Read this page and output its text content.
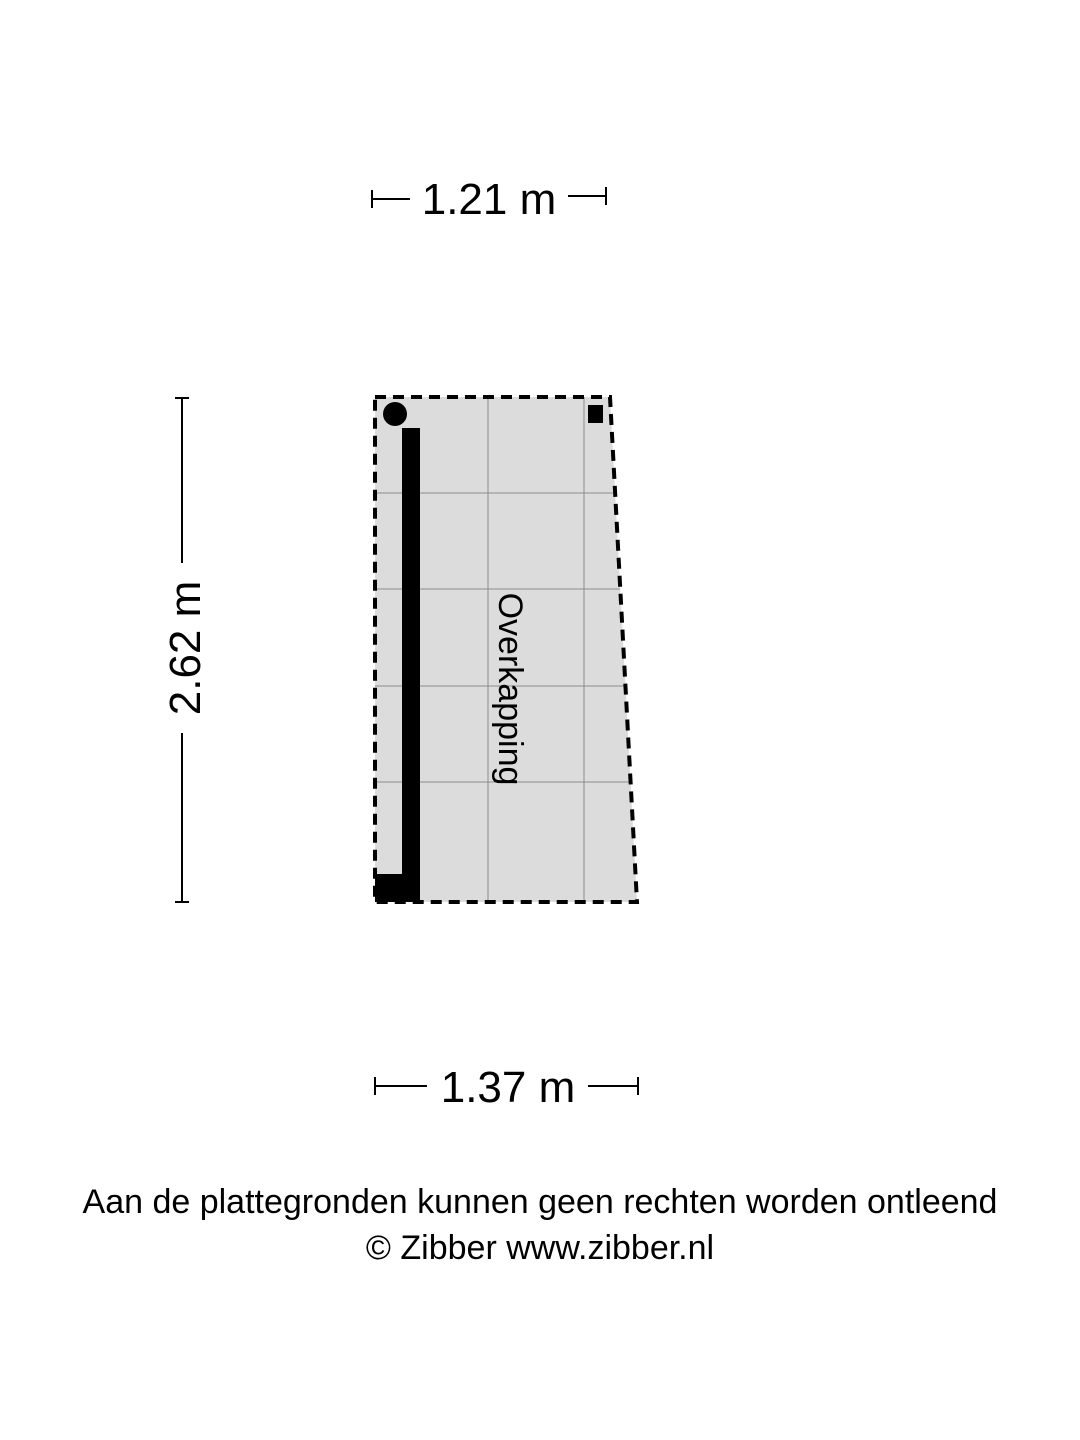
1.21 m
2.62 m	Overkapping
1.37 m
Aan de plattegronden kunnen geen rechten worden ontleend
© Zibber www.zibber.nl
